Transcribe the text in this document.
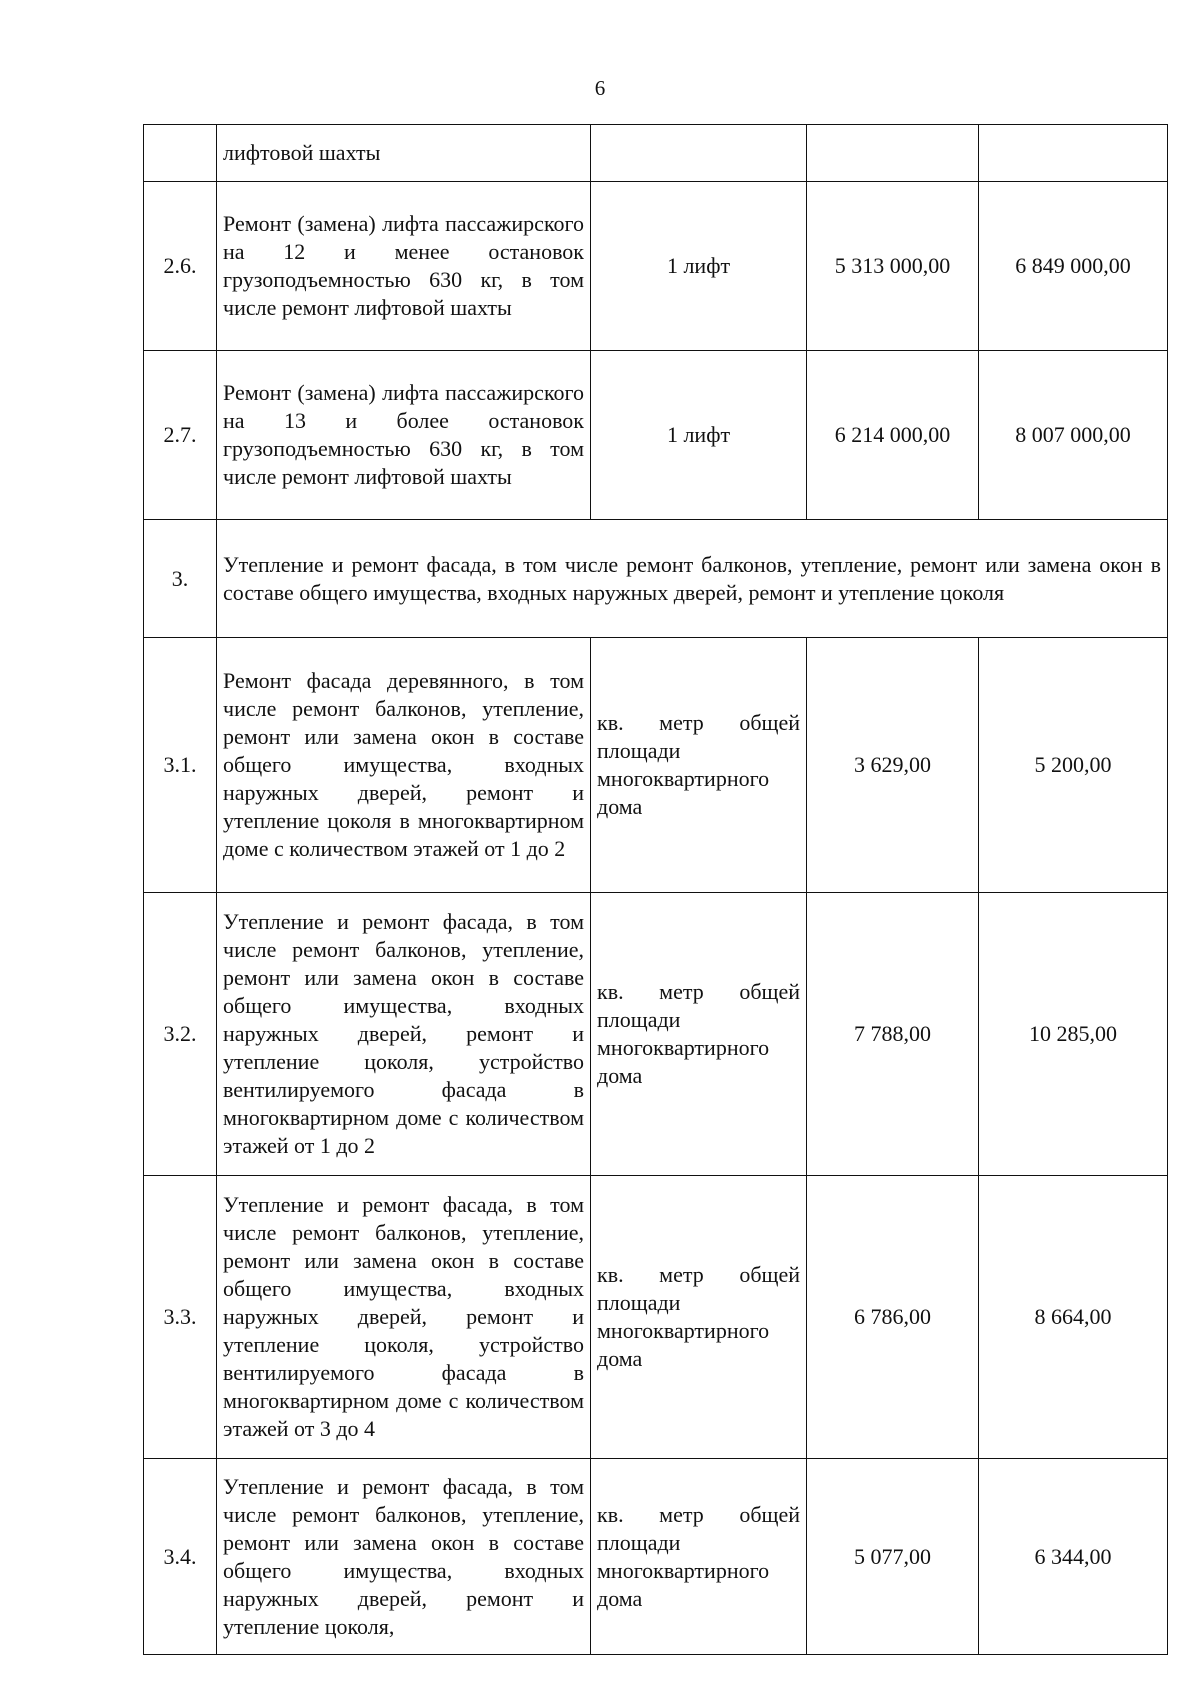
6
	лифтовой шахты			
2.6.	Ремонт (замена) лифта пассажирского на 12 и менее остановок грузоподъемностью 630 кг, в том числе ремонт лифтовой шахты	1 лифт	5 313 000,00	6 849 000,00
2.7.	Ремонт (замена) лифта пассажирского на 13 и более остановок грузоподъемностью 630 кг, в том числе ремонт лифтовой шахты	1 лифт	6 214 000,00	8 007 000,00
3.	Утепление и ремонт фасада, в том числе ремонт балконов, утепление, ремонт или замена окон в составе общего имущества, входных наружных дверей, ремонт и утепление цоколя			
3.1.	Ремонт фасада деревянного, в том числе ремонт балконов, утепление, ремонт или замена окон в составе общего имущества, входных наружных дверей, ремонт и утепление цоколя в многоквартирном доме с количеством этажей от 1 до 2	кв. метр общей площади многоквартирного дома	3 629,00	5 200,00
3.2.	Утепление и ремонт фасада, в том числе ремонт балконов, утепление, ремонт или замена окон в составе общего имущества, входных наружных дверей, ремонт и утепление цоколя, устройство вентилируемого фасада в многоквартирном доме с количеством этажей от 1 до 2	кв. метр общей площади многоквартирного дома	7 788,00	10 285,00
3.3.	Утепление и ремонт фасада, в том числе ремонт балконов, утепление, ремонт или замена окон в составе общего имущества, входных наружных дверей, ремонт и утепление цоколя, устройство вентилируемого фасада в многоквартирном доме с количеством этажей от 3 до 4	кв. метр общей площади многоквартирного дома	6 786,00	8 664,00
3.4.	Утепление и ремонт фасада, в том числе ремонт балконов, утепление, ремонт или замена окон в составе общего имущества, входных наружных дверей, ремонт и утепление цоколя,	кв. метр общей площади многоквартирного дома	5 077,00	6 344,00
